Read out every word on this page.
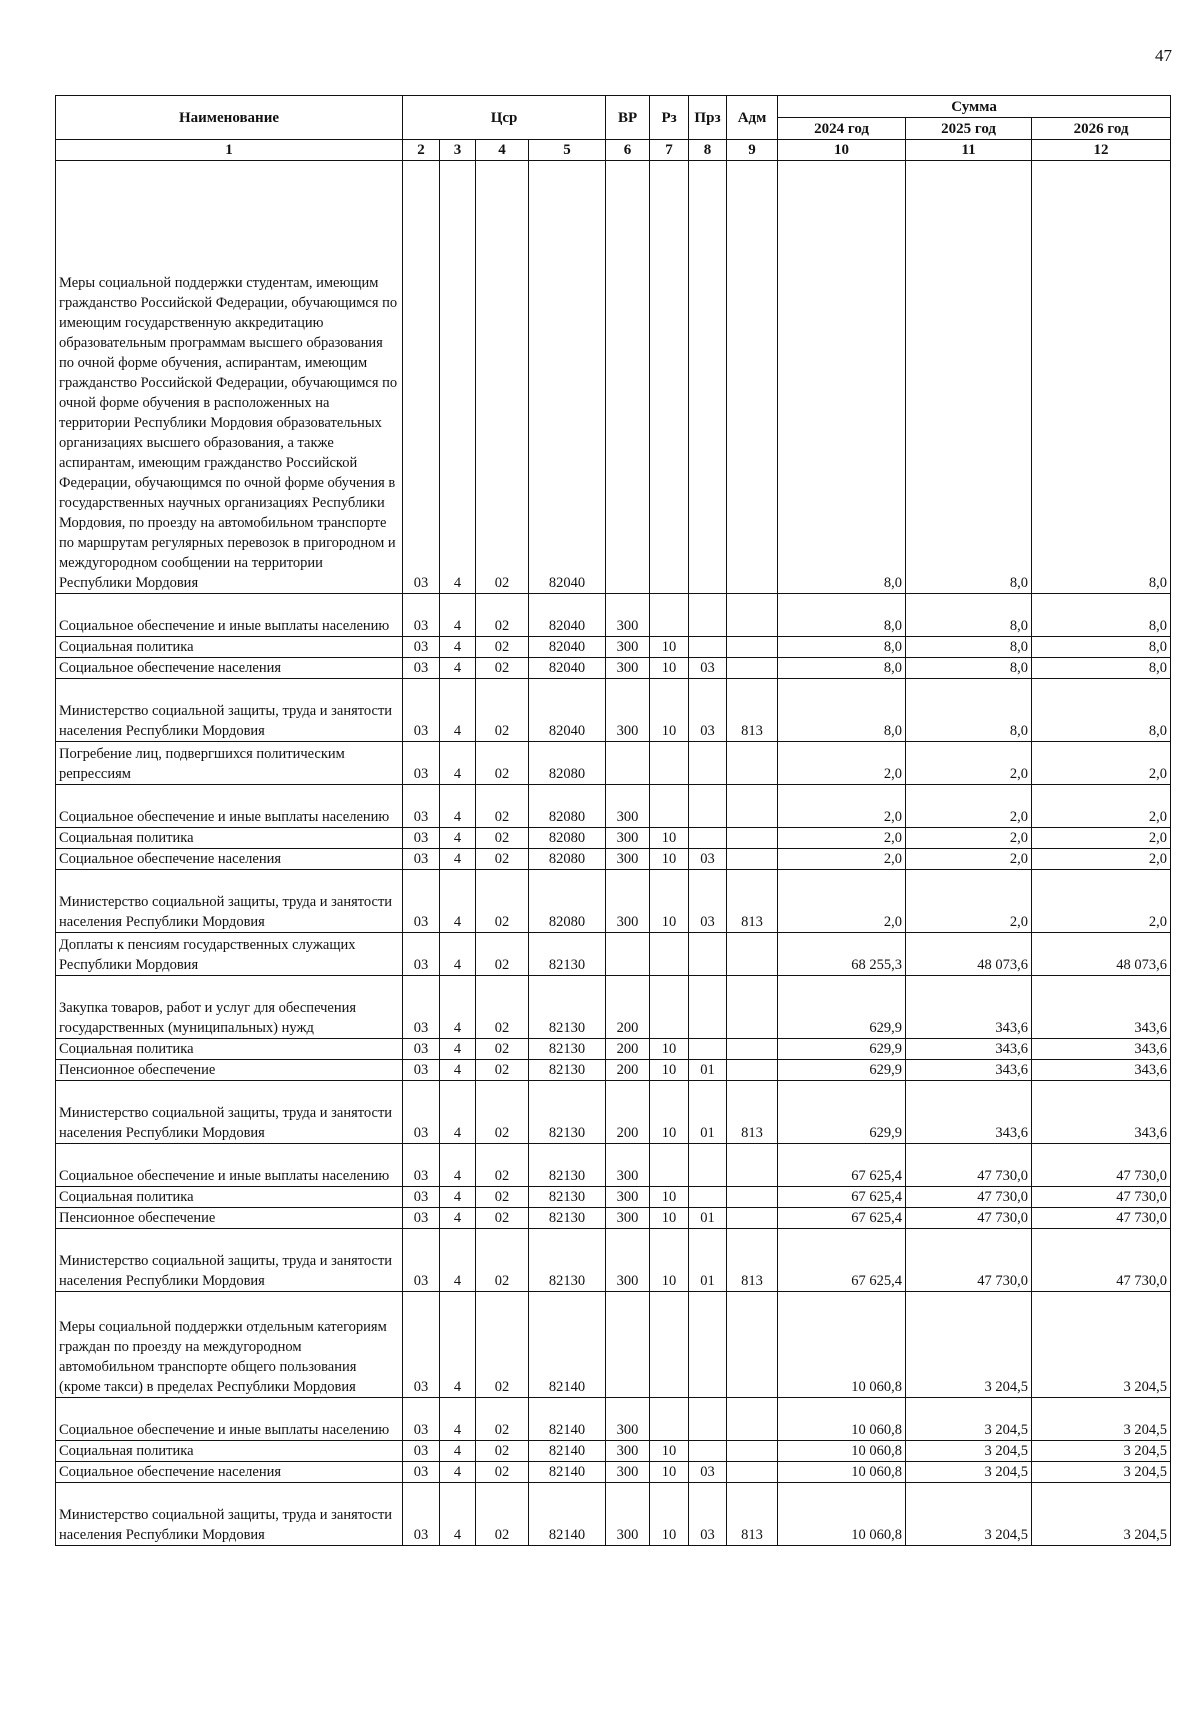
47
Наименование	Цср				ВР	Рз	Прз	Адм	Сумма		
									2024 год	2025 год	2026 год
1	2	3	4	5	6	7	8	9	10	11	12
Меры социальной поддержки студентам, имеющим гражданство Российской Федерации, обучающимся по имеющим государственную аккредитацию образовательным программам высшего образования по очной форме обучения, аспирантам, имеющим гражданство Российской Федерации, обучающимся по очной форме обучения в расположенных на территории Республики Мордовия образовательных организациях высшего образования, а также аспирантам, имеющим гражданство Российской Федерации, обучающимся по очной форме обучения в государственных научных организациях Республики Мордовия, по проезду на автомобильном транспорте по маршрутам регулярных перевозок в пригородном и междугородном сообщении на территории Республики Мордовия	03	4	02	82040					8,0	8,0	8,0
Социальное обеспечение и иные выплаты населению	03	4	02	82040	300				8,0	8,0	8,0
Социальная политика	03	4	02	82040	300	10			8,0	8,0	8,0
Социальное обеспечение населения	03	4	02	82040	300	10	03		8,0	8,0	8,0
Министерство социальной защиты, труда и занятости населения Республики Мордовия	03	4	02	82040	300	10	03	813	8,0	8,0	8,0
Погребение лиц, подвергшихся политическим репрессиям	03	4	02	82080					2,0	2,0	2,0
Социальное обеспечение и иные выплаты населению	03	4	02	82080	300				2,0	2,0	2,0
Социальная политика	03	4	02	82080	300	10			2,0	2,0	2,0
Социальное обеспечение населения	03	4	02	82080	300	10	03		2,0	2,0	2,0
Министерство социальной защиты, труда и занятости населения Республики Мордовия	03	4	02	82080	300	10	03	813	2,0	2,0	2,0
Доплаты к пенсиям государственных служащих Республики Мордовия	03	4	02	82130					68 255,3	48 073,6	48 073,6
Закупка товаров, работ и услуг для обеспечения государственных (муниципальных) нужд	03	4	02	82130	200				629,9	343,6	343,6
Социальная политика	03	4	02	82130	200	10			629,9	343,6	343,6
Пенсионное обеспечение	03	4	02	82130	200	10	01		629,9	343,6	343,6
Министерство социальной защиты, труда и занятости населения Республики Мордовия	03	4	02	82130	200	10	01	813	629,9	343,6	343,6
Социальное обеспечение и иные выплаты населению	03	4	02	82130	300				67 625,4	47 730,0	47 730,0
Социальная политика	03	4	02	82130	300	10			67 625,4	47 730,0	47 730,0
Пенсионное обеспечение	03	4	02	82130	300	10	01		67 625,4	47 730,0	47 730,0
Министерство социальной защиты, труда и занятости населения Республики Мордовия	03	4	02	82130	300	10	01	813	67 625,4	47 730,0	47 730,0
Меры социальной поддержки отдельным категориям граждан по проезду на междугородном автомобильном транспорте общего пользования (кроме такси) в пределах Республики Мордовия	03	4	02	82140					10 060,8	3 204,5	3 204,5
Социальное обеспечение и иные выплаты населению	03	4	02	82140	300				10 060,8	3 204,5	3 204,5
Социальная политика	03	4	02	82140	300	10			10 060,8	3 204,5	3 204,5
Социальное обеспечение населения	03	4	02	82140	300	10	03		10 060,8	3 204,5	3 204,5
Министерство социальной защиты, труда и занятости населения Республики Мордовия	03	4	02	82140	300	10	03	813	10 060,8	3 204,5	3 204,5
